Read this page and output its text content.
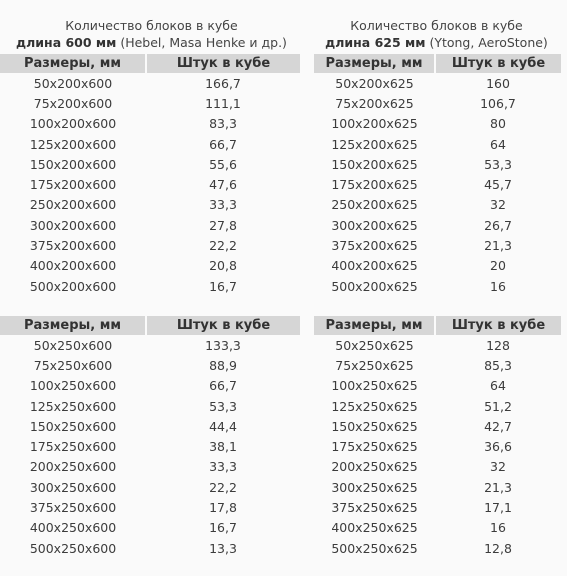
Количество блоков в кубе
длина 600 мм (Hebel, Masa Henke и др.)
Количество блоков в кубе
длина 625 мм (Ytong, AeroStone)
Размеры, мм	Штук в кубе
50x200x600	166,7
75x200x600	111,1
100x200x600	83,3
125x200x600	66,7
150x200x600	55,6
175x200x600	47,6
250x200x600	33,3
300x200x600	27,8
375x200x600	22,2
400x200x600	20,8
500x200x600	16,7
Размеры, мм	Штук в кубе
50x200x625	160
75x200x625	106,7
100x200x625	80
125x200x625	64
150x200x625	53,3
175x200x625	45,7
250x200x625	32
300x200x625	26,7
375x200x625	21,3
400x200x625	20
500x200x625	16
Размеры, мм	Штук в кубе
50x250x600	133,3
75x250x600	88,9
100x250x600	66,7
125x250x600	53,3
150x250x600	44,4
175x250x600	38,1
200x250x600	33,3
300x250x600	22,2
375x250x600	17,8
400x250x600	16,7
500x250x600	13,3
Размеры, мм	Штук в кубе
50x250x625	128
75x250x625	85,3
100x250x625	64
125x250x625	51,2
150x250x625	42,7
175x250x625	36,6
200x250x625	32
300x250x625	21,3
375x250x625	17,1
400x250x625	16
500x250x625	12,8
